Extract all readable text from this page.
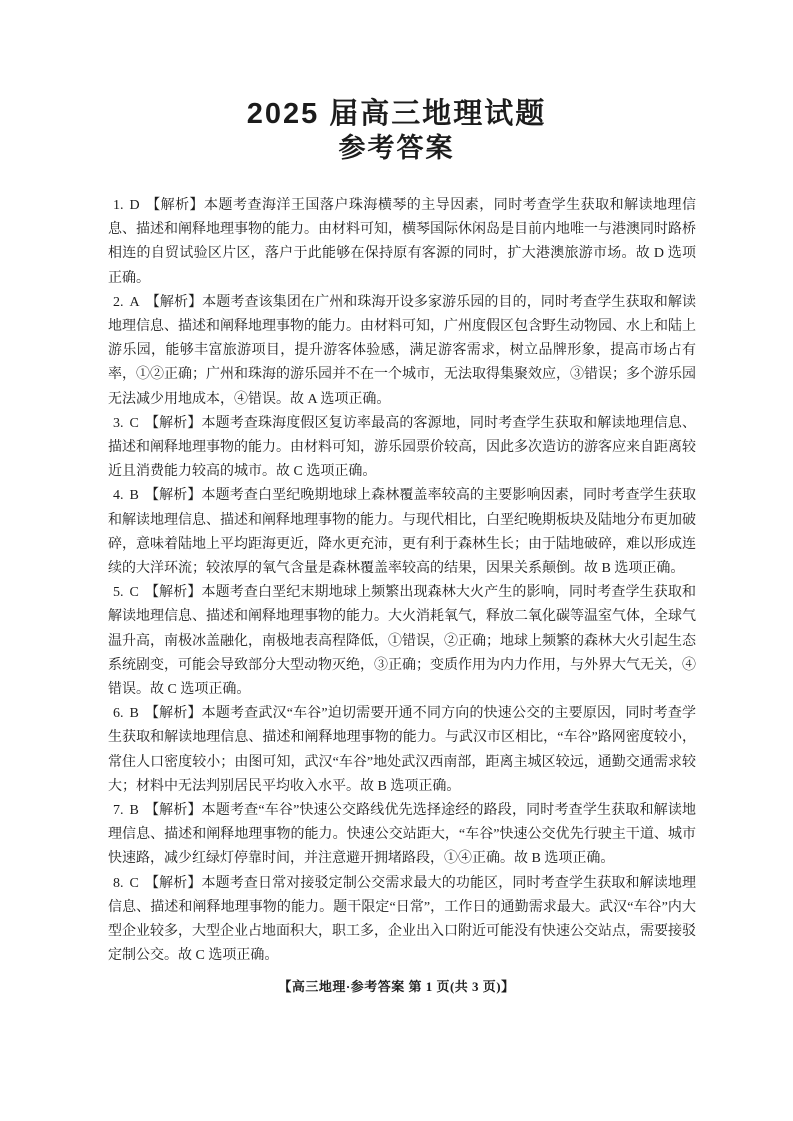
2025 届高三地理试题
参考答案

1. D 【解析】本题考查海洋王国落户珠海横琴的主导因素，同时考查学生获取和解读地理信息、描述和阐释地理事物的能力。由材料可知，横琴国际休闲岛是目前内地唯一与港澳同时路桥相连的自贸试验区片区，落户于此能够在保持原有客源的同时，扩大港澳旅游市场。故 D 选项正确。

2. A 【解析】本题考查该集团在广州和珠海开设多家游乐园的目的，同时考查学生获取和解读地理信息、描述和阐释地理事物的能力。由材料可知，广州度假区包含野生动物园、水上和陆上游乐园，能够丰富旅游项目，提升游客体验感，满足游客需求，树立品牌形象，提高市场占有率，①②正确；广州和珠海的游乐园并不在一个城市，无法取得集聚效应，③错误；多个游乐园无法减少用地成本，④错误。故 A 选项正确。

3. C 【解析】本题考查珠海度假区复访率最高的客源地，同时考查学生获取和解读地理信息、描述和阐释地理事物的能力。由材料可知，游乐园票价较高，因此多次造访的游客应来自距离较近且消费能力较高的城市。故 C 选项正确。

4. B 【解析】本题考查白垩纪晚期地球上森林覆盖率较高的主要影响因素，同时考查学生获取和解读地理信息、描述和阐释地理事物的能力。与现代相比，白垩纪晚期板块及陆地分布更加破碎，意味着陆地上平均距海更近，降水更充沛，更有利于森林生长；由于陆地破碎，难以形成连续的大洋环流；较浓厚的氧气含量是森林覆盖率较高的结果，因果关系颠倒。故 B 选项正确。

5. C 【解析】本题考查白垩纪末期地球上频繁出现森林大火产生的影响，同时考查学生获取和解读地理信息、描述和阐释地理事物的能力。大火消耗氧气，释放二氧化碳等温室气体，全球气温升高，南极冰盖融化，南极地表高程降低，①错误，②正确；地球上频繁的森林大火引起生态系统剧变，可能会导致部分大型动物灭绝，③正确；变质作用为内力作用，与外界大气无关，④错误。故 C 选项正确。

6. B 【解析】本题考查武汉“车谷”迫切需要开通不同方向的快速公交的主要原因，同时考查学生获取和解读地理信息、描述和阐释地理事物的能力。与武汉市区相比，“车谷”路网密度较小，常住人口密度较小；由图可知，武汉“车谷”地处武汉西南部，距离主城区较远，通勤交通需求较大；材料中无法判别居民平均收入水平。故 B 选项正确。

7. B 【解析】本题考查“车谷”快速公交路线优先选择途经的路段，同时考查学生获取和解读地理信息、描述和阐释地理事物的能力。快速公交站距大，“车谷”快速公交优先行驶主干道、城市快速路，减少红绿灯停靠时间，并注意避开拥堵路段，①④正确。故 B 选项正确。

8. C 【解析】本题考查日常对接驳定制公交需求最大的功能区，同时考查学生获取和解读地理信息、描述和阐释地理事物的能力。题干限定“日常”，工作日的通勤需求最大。武汉“车谷”内大型企业较多，大型企业占地面积大，职工多，企业出入口附近可能没有快速公交站点，需要接驳定制公交。故 C 选项正确。

【高三地理·参考答案 第 1 页(共 3 页)】
